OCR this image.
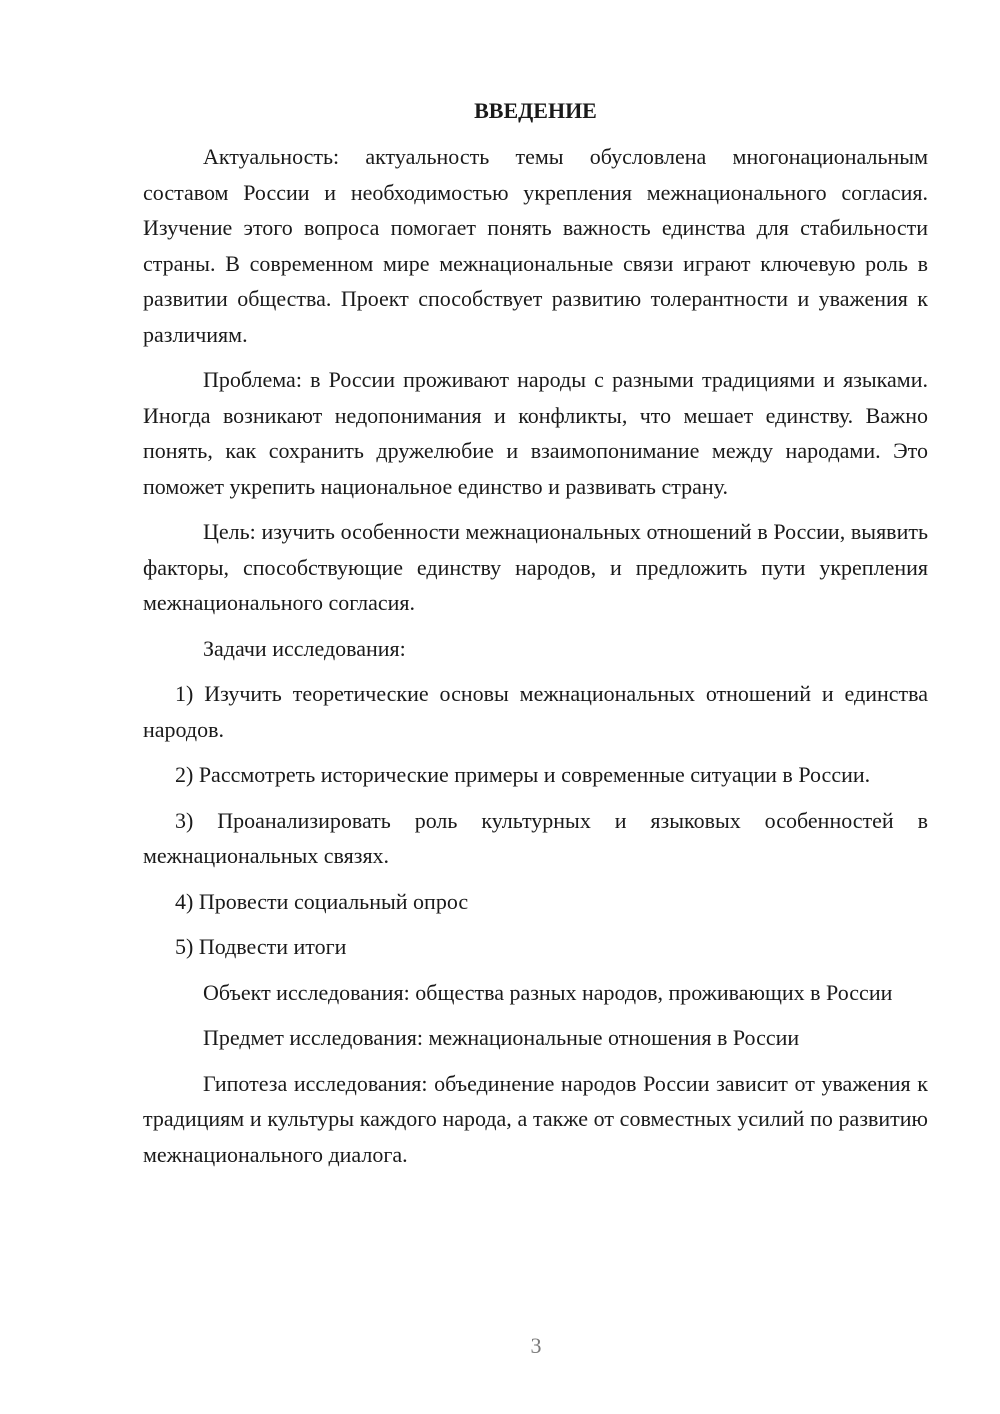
ВВЕДЕНИЕ

Актуальность: актуальность темы обусловлена многонациональным составом России и необходимостью укрепления межнационального согласия. Изучение этого вопроса помогает понять важность единства для стабильности страны. В современном мире межнациональные связи играют ключевую роль в развитии общества. Проект способствует развитию толерантности и уважения к различиям.

Проблема: в России проживают народы с разными традициями и языками. Иногда возникают недопонимания и конфликты, что мешает единству. Важно понять, как сохранить дружелюбие и взаимопонимание между народами. Это поможет укрепить национальное единство и развивать страну.

Цель: изучить особенности межнациональных отношений в России, выявить факторы, способствующие единству народов, и предложить пути укрепления межнационального согласия.

Задачи исследования:

1) Изучить теоретические основы межнациональных отношений и единства народов.

2) Рассмотреть исторические примеры и современные ситуации в России.

3) Проанализировать роль культурных и языковых особенностей в межнациональных связях.

4) Провести социальный опрос

5) Подвести итоги

Объект исследования: общества разных народов, проживающих в России

Предмет исследования: межнациональные отношения в России

Гипотеза исследования: объединение народов России зависит от уважения к традициям и культуры каждого народа, а также от совместных усилий по развитию межнационального диалога.

3
